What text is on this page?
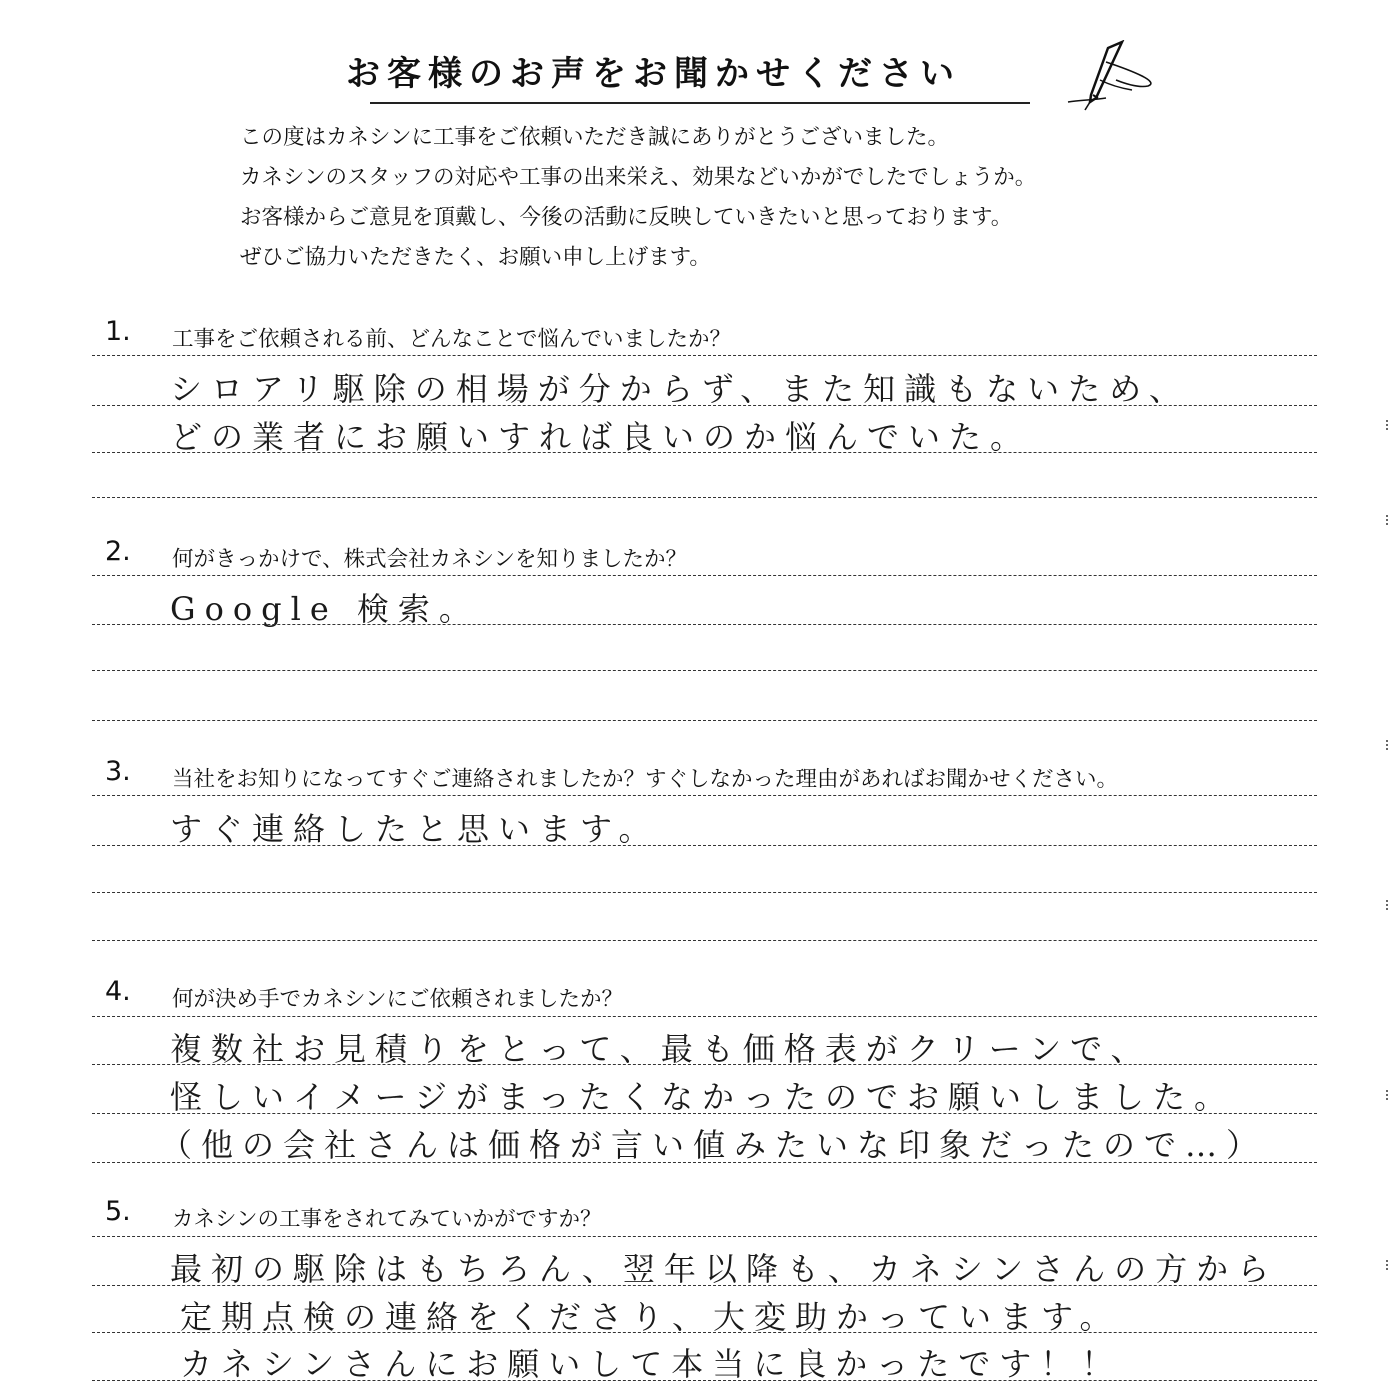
お客様のお声をお聞かせください
この度はカネシンに工事をご依頼いただき誠にありがとうございました。
カネシンのスタッフの対応や工事の出来栄え、効果などいかがでしたでしょうか。
お客様からご意見を頂戴し、今後の活動に反映していきたいと思っております。
ぜひご協力いただきたく、お願い申し上げます。
1. 工事をご依頼される前、どんなことで悩んでいましたか？
シロアリ駆除の相場が分からず、また知識もないため、
どの業者にお願いすれば良いのか悩んでいた。
2. 何がきっかけで、株式会社カネシンを知りましたか？
Google 検索。
3. 当社をお知りになってすぐご連絡されましたか？すぐしなかった理由があればお聞かせください。
すぐ連絡したと思います。
4. 何が決め手でカネシンにご依頼されましたか？
複数社お見積りをとって、最も価格表がクリーンで、
怪しいイメージがまったくなかったのでお願いしました。
（他の会社さんは価格が言い値みたいな印象だったので…）
5. カネシンの工事をされてみていかがですか？
最初の駆除はもちろん、翌年以降も、カネシンさんの方から
定期点検の連絡をくださり、大変助かっています。
カネシンさんにお願いして本当に良かったです！！
